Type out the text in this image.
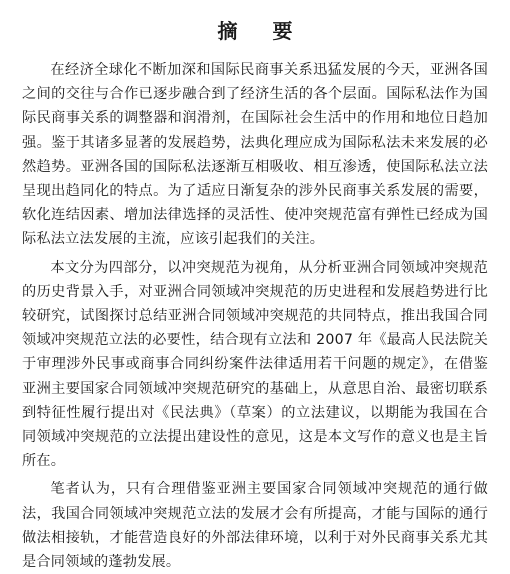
摘 要

在经济全球化不断加深和国际民商事关系迅猛发展的今天，亚洲各国之间的交往与合作已逐步融合到了经济生活的各个层面。国际私法作为国际民商事关系的调整器和润滑剂，在国际社会生活中的作用和地位日趋加强。鉴于其诸多显著的发展趋势，法典化理应成为国际私法未来发展的必然趋势。亚洲各国的国际私法逐渐互相吸收、相互渗透，使国际私法立法呈现出趋同化的特点。为了适应日渐复杂的涉外民商事关系发展的需要，软化连结因素、增加法律选择的灵活性、使冲突规范富有弹性已经成为国际私法立法发展的主流，应该引起我们的关注。

本文分为四部分，以冲突规范为视角，从分析亚洲合同领域冲突规范的历史背景入手，对亚洲合同领域冲突规范的历史进程和发展趋势进行比较研究，试图探讨总结亚洲合同领域冲突规范的共同特点，推出我国合同领域冲突规范立法的必要性，结合现有立法和 2007 年《最高人民法院关于审理涉外民事或商事合同纠纷案件法律适用若干问题的规定》，在借鉴亚洲主要国家合同领域冲突规范研究的基础上，从意思自治、最密切联系到特征性履行提出对《民法典》（草案）的立法建议，以期能为我国在合同领域冲突规范的立法提出建设性的意见，这是本文写作的意义也是主旨所在。

笔者认为，只有合理借鉴亚洲主要国家合同领域冲突规范的通行做法，我国合同领域冲突规范立法的发展才会有所提高，才能与国际的通行做法相接轨，才能营造良好的外部法律环境，以利于对外民商事关系尤其是合同领域的蓬勃发展。
